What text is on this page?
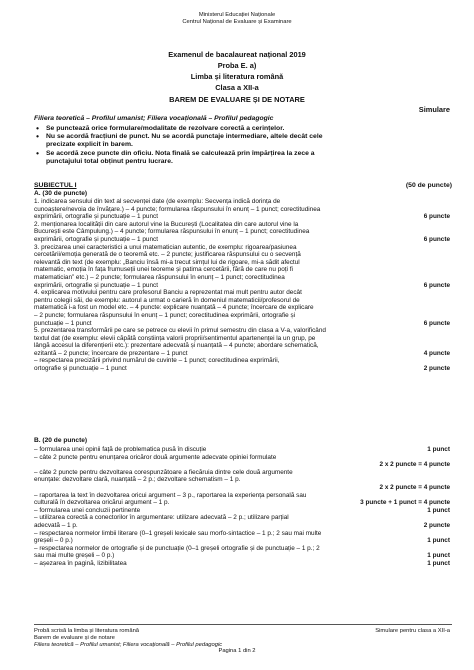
Ministerul Educației Naționale
Centrul Național de Evaluare și Examinare
Examenul de bacalaureat național 2019
Proba E. a)
Limba și literatura română
Clasa a XII-a
BAREM DE EVALUARE ȘI DE NOTARE
Simulare
Filiera teoretică – Profilul umanist; Filiera vocațională – Profilul pedagogic
•	Se punctează orice formulare/modalitate de rezolvare corectă a cerințelor.
•	Nu se acordă fracțiuni de punct. Nu se acordă punctaje intermediare, altele decât cele
precizate explicit în barem.
•	Se acordă zece puncte din oficiu. Nota finală se calculează prin împărțirea la zece a
punctajului total obținut pentru lucrare.
SUBIECTUL I	(50 de puncte)
A. (30 de puncte)
1. indicarea sensului din text al secvenței date (de exemplu: Secvența indică dorința de
cunoaștere/nevoia de învățare.) – 4 puncte; formularea răspunsului în enunț – 1 punct; corectitudinea
exprimării, ortografie și punctuație – 1 punct	6 puncte
2. menționarea localității din care autorul vine la București (Localitatea din care autorul vine la
București este Câmpulung.) – 4 puncte; formularea răspunsului în enunț – 1 punct; corectitudinea
exprimării, ortografie și punctuație – 1 punct	6 puncte
3. precizarea unei caracteristici a unui matematician autentic, de exemplu: rigoarea/pasiunea
cercetării/emoția generată de o teoremă etc. – 2 puncte; justificarea răspunsului cu o secvență
relevantă din text (de exemplu: „Banciu însă mi-a trecut simțul lui de rigoare, mi-a sădit afectul
matematic, emoția în fața frumuseții unei teoreme și patima cercetării, fără de care nu poți fi
matematician” etc.) – 2 puncte; formularea răspunsului în enunț – 1 punct; corectitudinea
exprimării, ortografie și punctuație – 1 punct	6 puncte
4. explicarea motivului pentru care profesorul Banciu a reprezentat mai mult pentru autor decât
pentru colegii săi, de exemplu: autorul a urmat o carieră în domeniul matematicii/profesorul de
matematică i-a fost un model etc. – 4 puncte: explicare nuanțată – 4 puncte; încercare de explicare
– 2 puncte; formularea răspunsului în enunț – 1 punct; corectitudinea exprimării, ortografie și
punctuație – 1 punct	6 puncte
5. prezentarea transformării pe care se petrece cu elevii în primul semestru din clasa a V-a, valorificând
textul dat (de exemplu: elevii căpătă conștiința valorii proprii/sentimentul apartenenței la un grup, pe
lângă accesul la diferențierii etc.): prezentare adecvată și nuanțată – 4 puncte; abordare schematică,
ezitantă – 2 puncte; încercare de prezentare – 1 punct	4 puncte
– respectarea precizării privind numărul de cuvinte – 1 punct; corectitudinea exprimării,
ortografie și punctuație – 1 punct	2 puncte
B. (20 de puncte)
– formularea unei opinii față de problematica pusă în discuție	1 punct
– câte 2 puncte pentru enunțarea oricăror două argumente adecvate opiniei formulate
2 x 2 puncte = 4 puncte
– câte 2 puncte pentru dezvoltarea corespunzătoare a fiecăruia dintre cele două argumente
enunțate: dezvoltare clară, nuanțată – 2 p.; dezvoltare schematism – 1 p.
2 x 2 puncte = 4 puncte
– raportarea la text în dezvoltarea oricui argument – 3 p., raportarea la experiența personală sau
culturală în dezvoltarea oricărui argument – 1 p.	3 puncte + 1 punct = 4 puncte
– formularea unei concluzii pertinente	1 punct
– utilizarea corectă a conectorilor în argumentare: utilizare adecvată – 2 p.; utilizare parțial
adecvată – 1 p.	2 puncte
– respectarea normelor limbii literare (0–1 greșeli lexicale sau morfo-sintactice – 1 p.; 2 sau mai multe
greșeli – 0 p.)	1 punct
– respectarea normelor de ortografie și de punctuație (0–1 greșeli ortografie și de punctuație – 1 p.; 2
sau mai multe greșeli – 0 p.)	1 punct
– așezarea în pagină, lizibilitatea	1 punct
Probă scrisă la limba și literatura română
Barem de evaluare și de notare
Filiera teoretică – Profilul umanist; Filiera vocațională – Profilul pedagogic
Simulare pentru clasa a XII-a
Pagina 1 din 2
